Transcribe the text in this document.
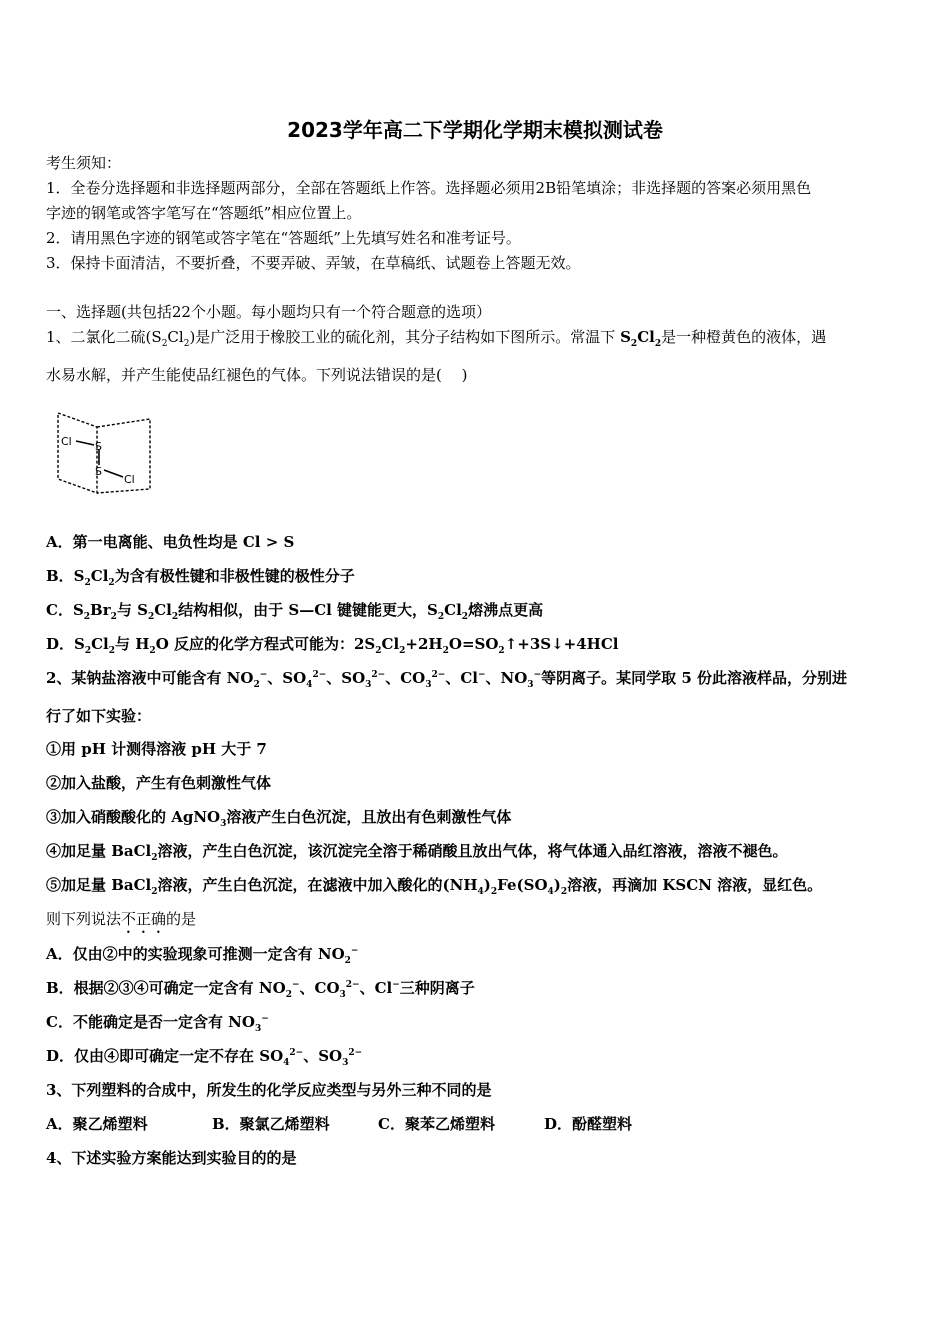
2023学年高二下学期化学期末模拟测试卷
考生须知：
1．全卷分选择题和非选择题两部分，全部在答题纸上作答。选择题必须用2B铅笔填涂；非选择题的答案必须用黑色
字迹的钢笔或答字笔写在“答题纸”相应位置上。
2．请用黑色字迹的钢笔或答字笔在“答题纸”上先填写姓名和准考证号。
3．保持卡面清洁，不要折叠，不要弄破、弄皱，在草稿纸、试题卷上答题无效。
一、选择题(共包括22个小题。每小题均只有一个符合题意的选项）
1、二氯化二硫$(S_2Cl_2)$是广泛用于橡胶工业的硫化剂，其分子结构如下图所示。常温下 $S_2Cl_2$是一种橙黄色的液体，遇
水易水解，并产生能使品红褪色的气体。下列说法错误的是(　 )
Cl S
S
Cl
A．第一电离能、电负性均是 Cl > S
B．$S_2Cl_2$为含有极性键和非极性键的极性分子
C．$S_2Br_2$与 $S_2Cl_2$结构相似，由于 S—Cl 键键能更大，$S_2Cl_2$熔沸点更高
D．$S_2Cl_2$与 $H_2O$ 反应的化学方程式可能为：$2S_2Cl_2+2H_2O=SO_2↑+3S↓+4HCl$
2、某钠盐溶液中可能含有 $NO_2^-$、$SO_4^{2-}$、$SO_3^{2-}$、$CO_3^{2-}$、Cl−、$NO_3^-$等阴离子。某同学取 5 份此溶液样品，分别进
行了如下实验：
①用 pH 计测得溶液 pH 大于 7
②加入盐酸，产生有色刺激性气体
③加入硝酸酸化的 AgNO$_3$溶液产生白色沉淀，且放出有色刺激性气体
④加足量 BaCl$_2$溶液，产生白色沉淀，该沉淀完全溶于稀硝酸且放出气体，将气体通入品红溶液，溶液不褪色。
⑤加足量 BaCl$_2$溶液，产生白色沉淀，在滤液中加入酸化的$(NH_4)_2Fe(SO_4)_2$溶液，再滴加 KSCN 溶液，显红色。
则下列说法不正确的是
A．仅由②中的实验现象可推测一定含有 $NO_2^-$
B．根据②③④可确定一定含有 $NO_2^-$、$CO_3^{2-}$、Cl−三种阴离子
C．不能确定是否一定含有 $NO_3^-$
D．仅由④即可确定一定不存在 $SO_4^{2-}$、$SO_3^{2-}$
3、下列塑料的合成中，所发生的化学反应类型与另外三种不同的是
A．聚乙烯塑料	B．聚氯乙烯塑料	C．聚苯乙烯塑料	D．酚醛塑料
4、下述实验方案能达到实验目的的是
